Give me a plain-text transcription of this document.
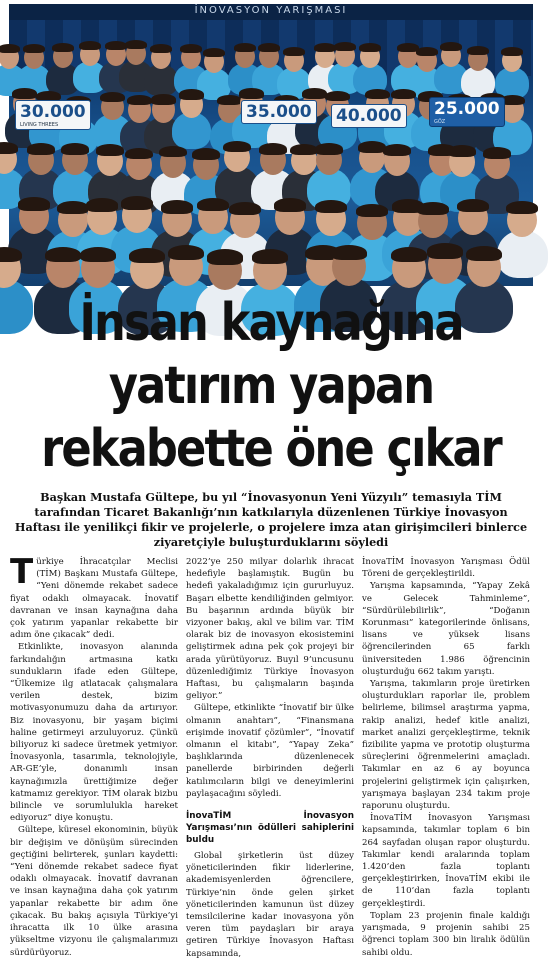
İNOVASYON YARIŞMASI
30.000
LIVING THREES
35.000 40.000 25.000
GÖZ
İnsan kaynağına
yatırım yapan
rekabette öne çıkar
Başkan Mustafa Gültepe, bu yıl “İnovasyonun Yeni Yüzyılı” temasıyla TİM tarafından Ticaret Bakanlığı’nın katkılarıyla düzenlenen Türkiye İnovasyon Haftası ile yenilikçi fikir ve projelerle, o projelere imza atan girişimcileri binlerce ziyaretçiyle buluşturduklarını söyledi

Türkiye İhracatçılar Meclisi (TİM) Başkanı Mustafa Gültepe, “Yeni dönemde rekabet sadece fiyat odaklı olmayacak. İnovatif davranan ve insan kaynağına daha çok yatırım yapanlar rekabette bir adım öne çıkacak” dedi.

Etkinlikte, inovasyon alanında farkındalığın artmasına katkı sundukların ifade eden Gültepe, “Ülkemize ilg atlatacak çalışmalara verilen destek, bizim motivasyonumuzu daha da artırıyor. Biz inovasyonu, bir yaşam biçimi haline getirmeyi arzuluyoruz. Çünkü biliyoruz ki sadece üretmek yetmiyor. İnovasyonla, tasarımla, teknolojiyle, AR-GE’yle, donanımlı insan kaynağımızla ürettiğimize değer katmamız gerekiyor. TİM olarak bizbu bilincle ve sorumlulukla hareket ediyoruz” diye konuştu.

Gültepe, küresel ekonominin, büyük bir değişim ve dönüşüm sürecinden geçtiğini belirterek, şunları kaydetti: “Yeni dönemde rekabet sadece fiyat odaklı olmayacak. İnovatif davranan ve insan kaynağına daha çok yatırım yapanlar rekabette bir adım öne çıkacak. Bu bakış açısıyla Türkiye’yi ihracatta ilk 10 ülke arasına yükseltme vizyonu ile çalışmalarımızı sürdürüyoruz.

2022’ye 250 milyar dolarlık ihracat hedefiyle başlamıştık. Bugün bu hedefi yakaladığımız için gururluyuz. Başarı elbette kendiliğinden gelmiyor. Bu başarının ardında büyük bir vizyoner bakış, akıl ve bilim var. TİM olarak biz de inovasyon ekosistemini geliştirmek adına pek çok projeyi bir arada yürütüyoruz. Buyıl 9’uncusunu düzenlediğimiz Türkiye İnovasyon Haftası, bu çalışmaların başında geliyor.”

Gültepe, etkinlikte “İnovatif bir ülke olmanın anahtarı”, “Finansmana erişimde inovatif çözümler”, “İnovatif olmanın el kitabı”, “Yapay Zeka” başlıklarında düzenlenecek panellerde birbirinden değerli katılımcıların bilgi ve deneyimlerini paylaşacağını söyledi.

İnovaTİM İnovasyon Yarışması’nın ödülleri sahiplerini buldu

Global şirketlerin üst düzey yöneticilerinden fikir liderlerine, akademisyenlerden öğrencilere, Türkiye’nin önde gelen şirket yöneticilerinden kamunun üst düzey temsilcilerine kadar inovasyona yön veren tüm paydaşları bir araya getiren Türkiye İnovasyon Haftası kapsamında,

İnovaTİM İnovasyon Yarışması Ödül Töreni de gerçekleştirildi.

Yarışma kapsamında, “Yapay Zekâ ve Gelecek Tahminleme”, “Sürdürülebilirlik”, “Doğanın Korunması” kategorilerinde önlisans, lisans ve yüksek lisans öğrencilerinden 65 farklı üniversiteden 1.986 öğrencinin oluşturduğu 662 takım yarıştı.

Yarışma, takımların proje üretirken oluşturdukları raporlar ile, problem belirleme, bilimsel araştırma yapma, rakip analizi, hedef kitle analizi, market analizi gerçekleştirme, teknik fizibilite yapma ve prototip oluşturma süreçlerini öğrenmelerini amaçladı. Takımlar en az 6 ay boyunca projelerini geliştirmek için çalışırken, yarışmaya başlayan 234 takım proje raporunu oluşturdu.

İnovaTİM İnovasyon Yarışması kapsamında, takımlar toplam 6 bin 264 sayfadan oluşan rapor oluşturdu. Takımlar kendi aralarında toplam 1.420’den fazla toplantı gerçekleştirirken, İnovaTİM ekibi ile de 110’dan fazla toplantı gerçekleştirdi.

Toplam 23 projenin finale kaldığı yarışmada, 9 projenin sahibi 25 öğrenci toplam 300 bin liralık ödülün sahibi oldu.
